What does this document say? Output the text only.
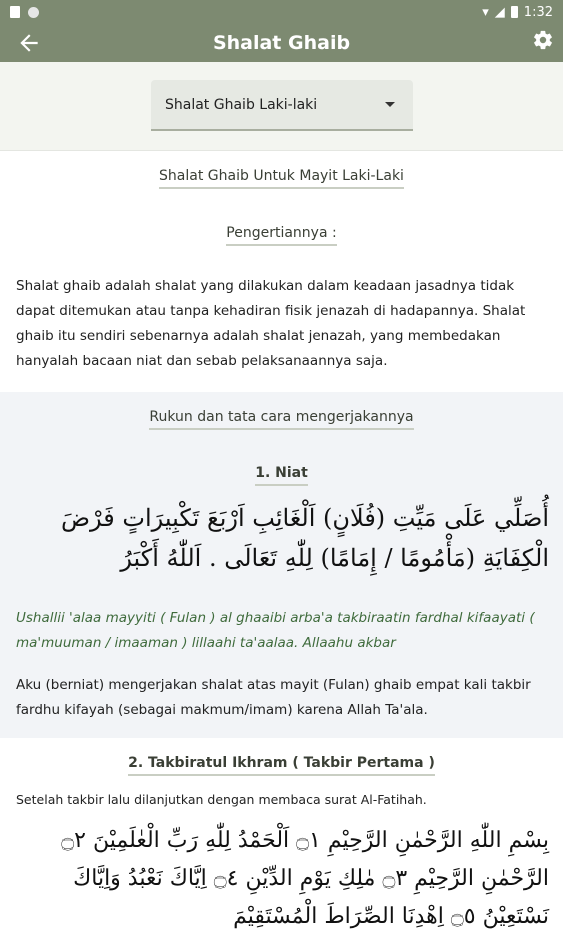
▾ ◢ 1:32
Shalat Ghaib
Shalat Ghaib Laki-laki
Shalat Ghaib Untuk Mayit Laki-Laki
Pengertiannya :
Shalat ghaib adalah shalat yang dilakukan dalam keadaan jasadnya tidak dapat ditemukan atau tanpa kehadiran fisik jenazah di hadapannya. Shalat ghaib itu sendiri sebenarnya adalah shalat jenazah, yang membedakan hanyalah bacaan niat dan sebab pelaksanaannya saja.
Rukun dan tata cara mengerjakannya
1. Niat
أُصَلِّي عَلَى مَيِّتِ (فُلَانٍ) اَلْغَائِبِ اَرْبَعَ تَكْبِيرَاتٍ فَرْضَ الْكِفَايَةِ (مَأْمُومًا / إِمَامًا) لِلّٰهِ تَعَالَى . اَللّٰهُ أَكْبَرُ
Ushallii 'alaa mayyiti ( Fulan ) al ghaaibi arba'a takbiraatin fardhal kifaayati ( ma'muuman / imaaman ) lillaahi ta'aalaa. Allaahu akbar
Aku (berniat) mengerjakan shalat atas mayit (Fulan) ghaib empat kali takbir fardhu kifayah (sebagai makmum/imam) karena Allah Ta'ala.
2. Takbiratul Ikhram ( Takbir Pertama )
Setelah takbir lalu dilanjutkan dengan membaca surat Al-Fatihah.
بِسْمِ اللّٰهِ الرَّحْمٰنِ الرَّحِيْمِ ۝١ اَلْحَمْدُ لِلّٰهِ رَبِّ الْعٰلَمِيْنَ ۝٢ الرَّحْمٰنِ الرَّحِيْمِ ۝٣ مٰلِكِ يَوْمِ الدِّيْنِ ۝٤ اِيَّاكَ نَعْبُدُ وَاِيَّاكَ نَسْتَعِيْنُ ۝٥ اِهْدِنَا الصِّرَاطَ الْمُسْتَقِيْمَ
